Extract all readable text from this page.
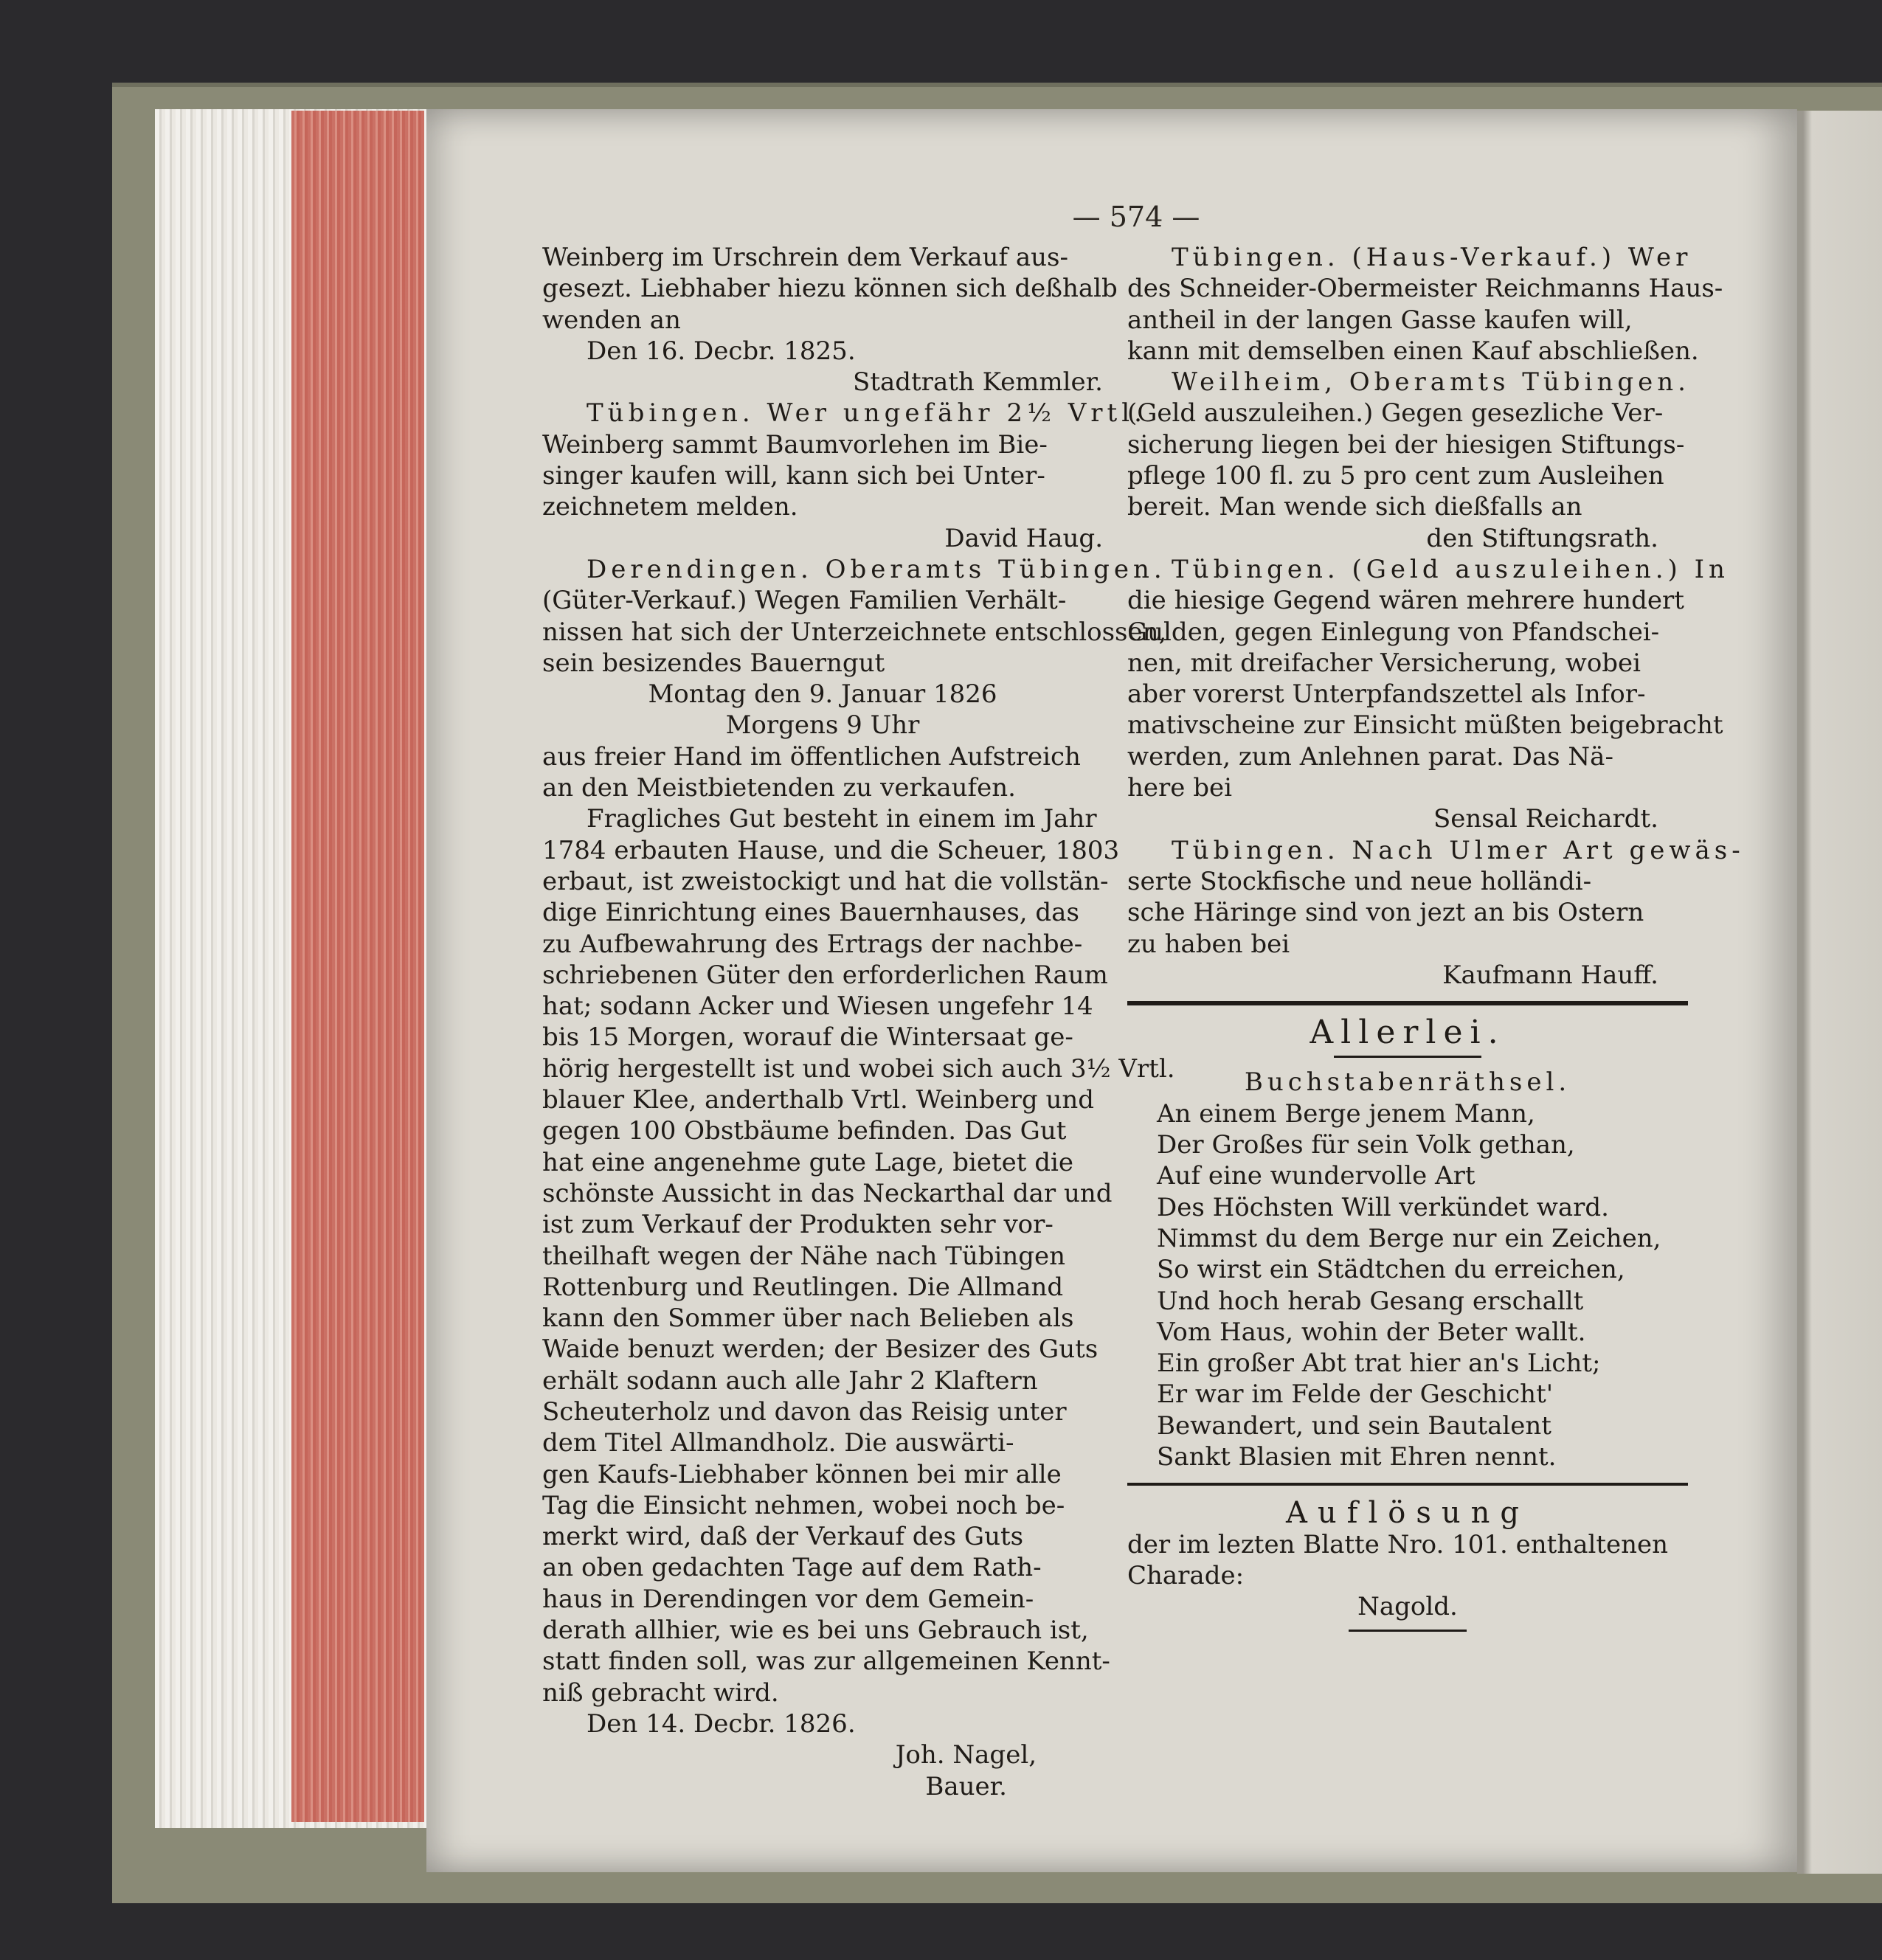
— 574 —

Weinberg im Urschrein dem Verkauf aus-

gesezt. Liebhaber hiezu können sich deßhalb

wenden an

Den 16. Decbr. 1825.

Stadtrath Kemmler.

Tübingen. Wer ungefähr 2½ Vrtl.

Weinberg sammt Baumvorlehen im Bie-

singer kaufen will, kann sich bei Unter-

zeichnetem melden.

David Haug.

Derendingen. Oberamts Tübingen.

(Güter-Verkauf.) Wegen Familien Verhält-

nissen hat sich der Unterzeichnete entschlossen,

sein besizendes Bauerngut

Montag den 9. Januar 1826

Morgens 9 Uhr

aus freier Hand im öffentlichen Aufstreich

an den Meistbietenden zu verkaufen.

Fragliches Gut besteht in einem im Jahr

1784 erbauten Hause, und die Scheuer, 1803

erbaut, ist zweistockigt und hat die vollstän-

dige Einrichtung eines Bauernhauses, das

zu Aufbewahrung des Ertrags der nachbe-

schriebenen Güter den erforderlichen Raum

hat; sodann Acker und Wiesen ungefehr 14

bis 15 Morgen, worauf die Wintersaat ge-

hörig hergestellt ist und wobei sich auch 3½ Vrtl.

blauer Klee, anderthalb Vrtl. Weinberg und

gegen 100 Obstbäume befinden. Das Gut

hat eine angenehme gute Lage, bietet die

schönste Aussicht in das Neckarthal dar und

ist zum Verkauf der Produkten sehr vor-

theilhaft wegen der Nähe nach Tübingen

Rottenburg und Reutlingen. Die Allmand

kann den Sommer über nach Belieben als

Waide benuzt werden; der Besizer des Guts

erhält sodann auch alle Jahr 2 Klaftern

Scheuterholz und davon das Reisig unter

dem Titel Allmandholz. Die auswärti-

gen Kaufs-Liebhaber können bei mir alle

Tag die Einsicht nehmen, wobei noch be-

merkt wird, daß der Verkauf des Guts

an oben gedachten Tage auf dem Rath-

haus in Derendingen vor dem Gemein-

derath allhier, wie es bei uns Gebrauch ist,

statt finden soll, was zur allgemeinen Kennt-

niß gebracht wird.

Den 14. Decbr. 1826.

Joh. Nagel,

Bauer.

Tübingen. (Haus-Verkauf.) Wer

des Schneider-Obermeister Reichmanns Haus-

antheil in der langen Gasse kaufen will,

kann mit demselben einen Kauf abschließen.

Weilheim, Oberamts Tübingen.

(Geld auszuleihen.) Gegen gesezliche Ver-

sicherung liegen bei der hiesigen Stiftungs-

pflege 100 fl. zu 5 pro cent zum Ausleihen

bereit. Man wende sich dießfalls an

den Stiftungsrath.

Tübingen. (Geld auszuleihen.) In

die hiesige Gegend wären mehrere hundert

Gulden, gegen Einlegung von Pfandschei-

nen, mit dreifacher Versicherung, wobei

aber vorerst Unterpfandszettel als Infor-

mativscheine zur Einsicht müßten beigebracht

werden, zum Anlehnen parat. Das Nä-

here bei

Sensal Reichardt.

Tübingen. Nach Ulmer Art gewäs-

serte Stockfische und neue holländi-

sche Häringe sind von jezt an bis Ostern

zu haben bei

Kaufmann Hauff.

Allerlei.

Buchstabenräthsel.

An einem Berge jenem Mann,

Der Großes für sein Volk gethan,

Auf eine wundervolle Art

Des Höchsten Will verkündet ward.

Nimmst du dem Berge nur ein Zeichen,

So wirst ein Städtchen du erreichen,

Und hoch herab Gesang erschallt

Vom Haus, wohin der Beter wallt.

Ein großer Abt trat hier an's Licht;

Er war im Felde der Geschicht'

Bewandert, und sein Bautalent

Sankt Blasien mit Ehren nennt.

Auflösung

der im lezten Blatte Nro. 101. enthaltenen

Charade:

Nagold.
